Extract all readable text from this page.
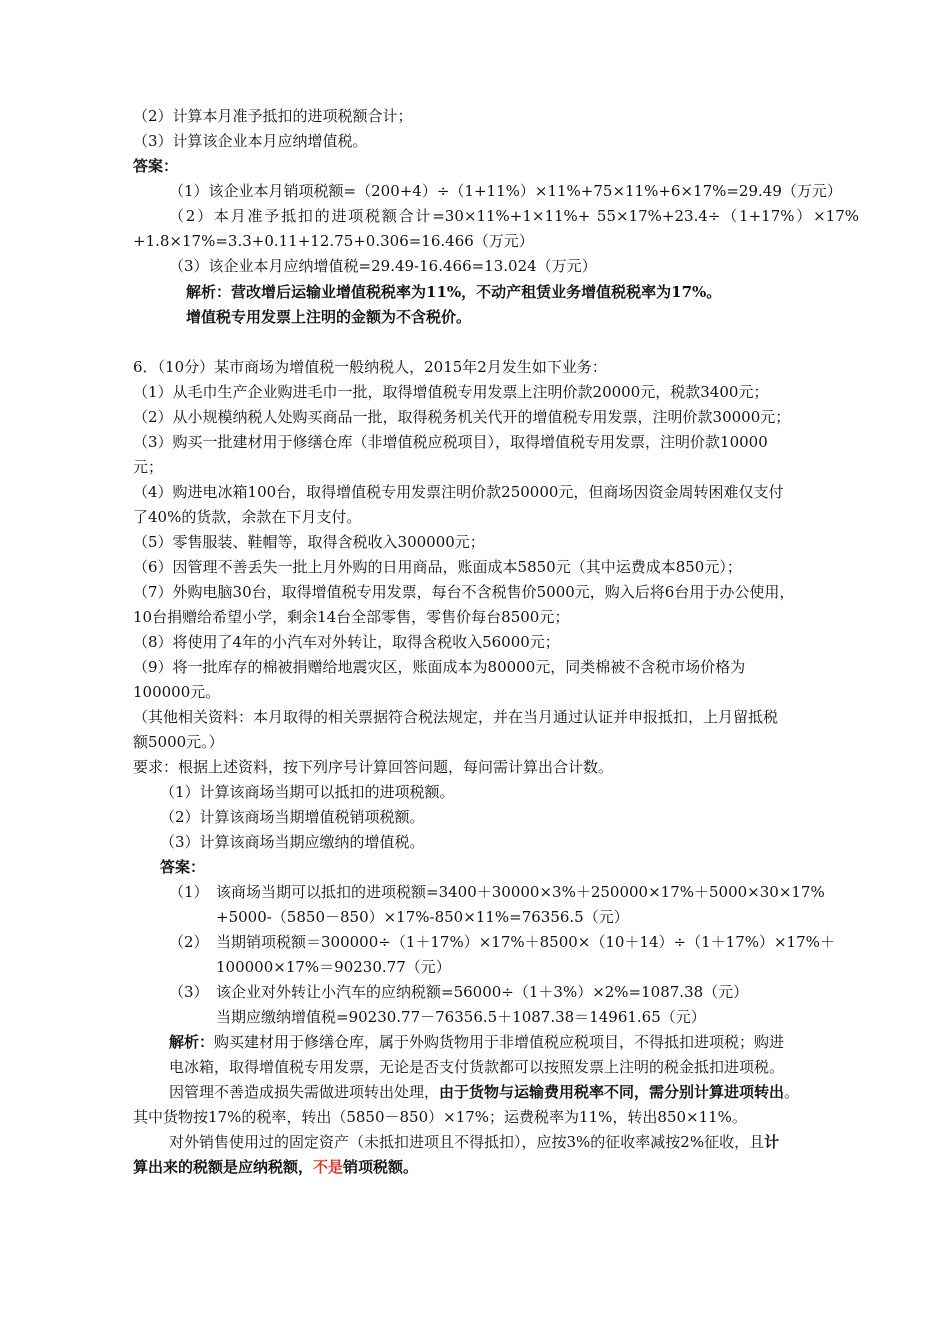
（2）计算本月准予抵扣的进项税额合计；
（3）计算该企业本月应纳增值税。
答案：
（1）该企业本月销项税额=（200+4）÷（1+11%）×11%+75×11%+6×17%=29.49（万元）
（2）本月准予抵扣的进项税额合计=30×11%+1×11%+ 55×17%+23.4÷（1+17%）×17%
+1.8×17%=3.3+0.11+12.75+0.306=16.466（万元）
（3）该企业本月应纳增值税=29.49-16.466=13.024（万元）
解析：营改增后运输业增值税税率为11%，不动产租赁业务增值税税率为17%。
增值税专用发票上注明的金额为不含税价。
6．（10分）某市商场为增值税一般纳税人，2015年2月发生如下业务：
（1）从毛巾生产企业购进毛巾一批，取得增值税专用发票上注明价款20000元，税款3400元；
（2）从小规模纳税人处购买商品一批，取得税务机关代开的增值税专用发票，注明价款30000元；
（3）购买一批建材用于修缮仓库（非增值税应税项目），取得增值税专用发票，注明价款10000
元；
（4）购进电冰箱100台，取得增值税专用发票注明价款250000元，但商场因资金周转困难仅支付
了40%的货款，余款在下月支付。
（5）零售服装、鞋帽等，取得含税收入300000元；
（6）因管理不善丢失一批上月外购的日用商品，账面成本5850元（其中运费成本850元）；
（7）外购电脑30台，取得增值税专用发票，每台不含税售价5000元，购入后将6台用于办公使用，
10台捐赠给希望小学，剩余14台全部零售，零售价每台8500元；
（8）将使用了4年的小汽车对外转让，取得含税收入56000元；
（9）将一批库存的棉被捐赠给地震灾区，账面成本为80000元，同类棉被不含税市场价格为
100000元。
（其他相关资料：本月取得的相关票据符合税法规定，并在当月通过认证并申报抵扣，上月留抵税
额5000元。）
要求：根据上述资料，按下列序号计算回答问题，每问需计算出合计数。
（1）计算该商场当期可以抵扣的进项税额。
（2）计算该商场当期增值税销项税额。
（3）计算该商场当期应缴纳的增值税。
答案：
（1） 该商场当期可以抵扣的进项税额=3400＋30000×3%＋250000×17%＋5000×30×17%
+5000-（5850－850）×17%-850×11%=76356.5（元）
（2） 当期销项税额＝300000÷（1＋17%）×17%＋8500×（10＋14）÷（1＋17%）×17%＋
100000×17%＝90230.77（元）
（3） 该企业对外转让小汽车的应纳税额=56000÷（1＋3%）×2%=1087.38（元）
当期应缴纳增值税=90230.77－76356.5＋1087.38＝14961.65（元）
解析：购买建材用于修缮仓库，属于外购货物用于非增值税应税项目，不得抵扣进项税；购进
电冰箱，取得增值税专用发票，无论是否支付货款都可以按照发票上注明的税金抵扣进项税。
因管理不善造成损失需做进项转出处理，由于货物与运输费用税率不同，需分别计算进项转出。
其中货物按17%的税率，转出（5850－850）×17%；运费税率为11%，转出850×11%。
对外销售使用过的固定资产（未抵扣进项且不得抵扣），应按3%的征收率减按2%征收，且计
算出来的税额是应纳税额，不是销项税额。
